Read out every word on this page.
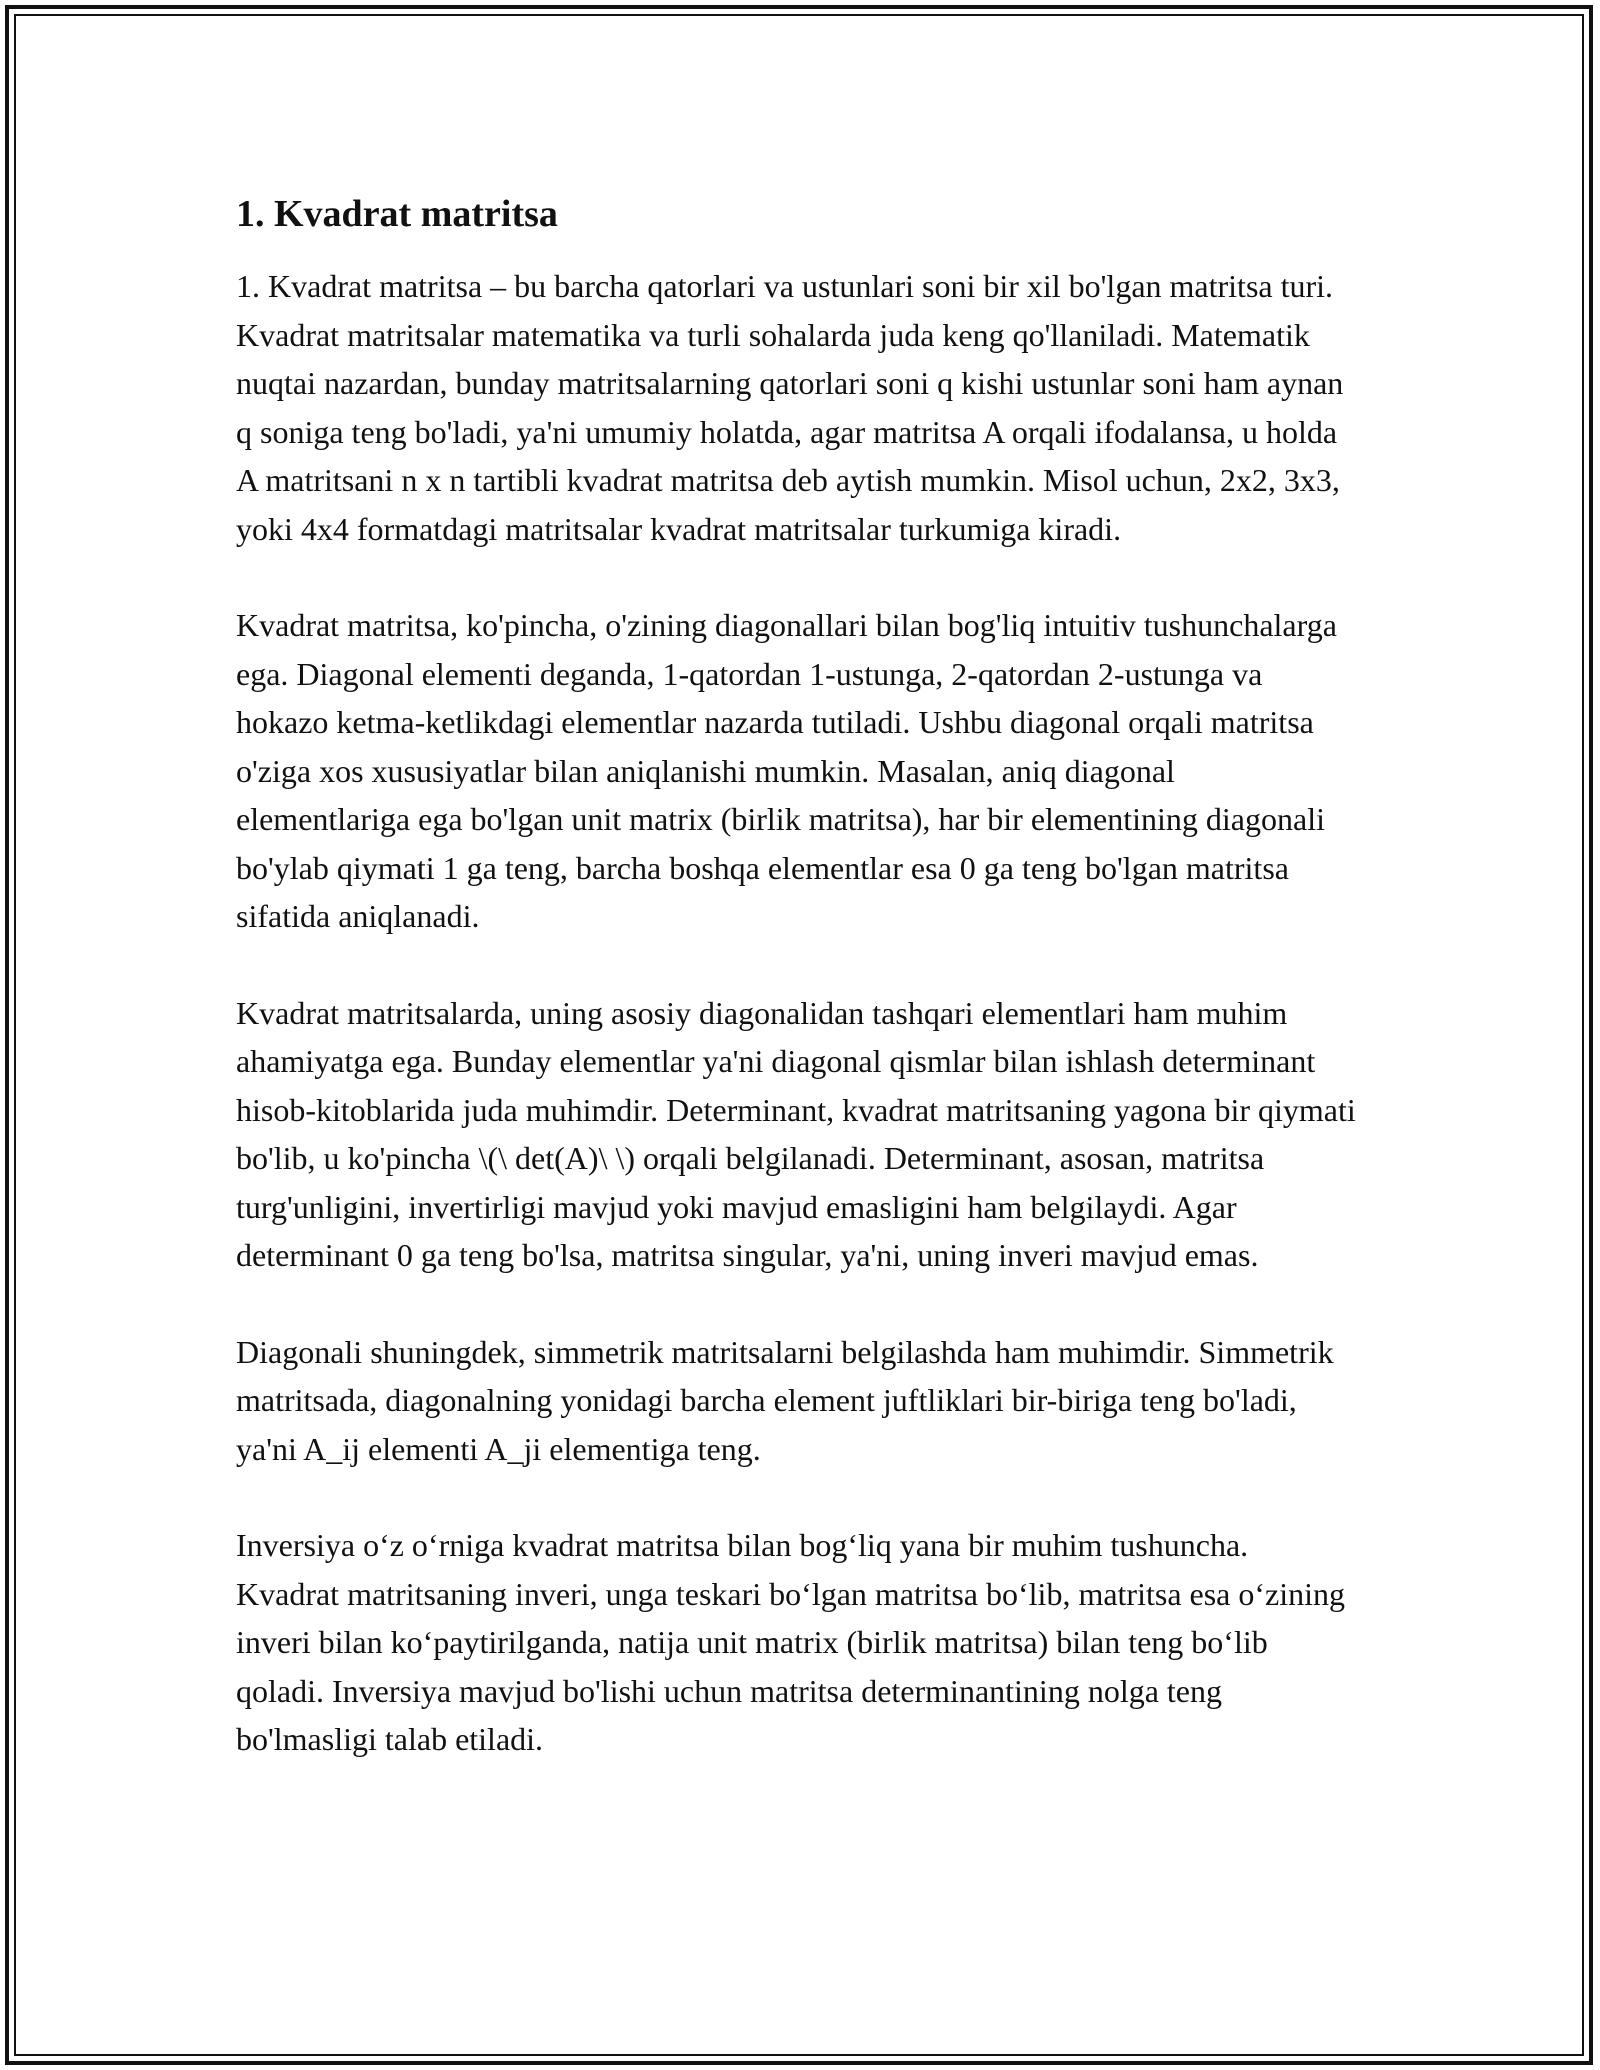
1. Kvadrat matritsa

1. Kvadrat matritsa – bu barcha qatorlari va ustunlari soni bir xil bo'lgan matritsa turi. Kvadrat matritsalar matematika va turli sohalarda juda keng qo'llaniladi. Matematik nuqtai nazardan, bunday matritsalarning qatorlari soni q kishi ustunlar soni ham aynan q soniga teng bo'ladi, ya'ni umumiy holatda, agar matritsa A orqali ifodalansa, u holda A matritsani n x n tartibli kvadrat matritsa deb aytish mumkin. Misol uchun, 2x2, 3x3, yoki 4x4 formatdagi matritsalar kvadrat matritsalar turkumiga kiradi.

Kvadrat matritsa, ko'pincha, o'zining diagonallari bilan bog'liq intuitiv tushunchalarga ega. Diagonal elementi deganda, 1-qatordan 1-ustunga, 2-qatordan 2-ustunga va hokazo ketma-ketlikdagi elementlar nazarda tutiladi. Ushbu diagonal orqali matritsa o'ziga xos xususiyatlar bilan aniqlanishi mumkin. Masalan, aniq diagonal elementlariga ega bo'lgan unit matrix (birlik matritsa), har bir elementining diagonali bo'ylab qiymati 1 ga teng, barcha boshqa elementlar esa 0 ga teng bo'lgan matritsa sifatida aniqlanadi.

Kvadrat matritsalarda, uning asosiy diagonalidan tashqari elementlari ham muhim ahamiyatga ega. Bunday elementlar ya'ni diagonal qismlar bilan ishlash determinant hisob-kitoblarida juda muhimdir. Determinant, kvadrat matritsaning yagona bir qiymati bo'lib, u ko'pincha \(\ det(A)\ \) orqali belgilanadi. Determinant, asosan, matritsa turg'unligini, invertirligi mavjud yoki mavjud emasligini ham belgilaydi. Agar determinant 0 ga teng bo'lsa, matritsa singular, ya'ni, uning inveri mavjud emas.

Diagonali shuningdek, simmetrik matritsalarni belgilashda ham muhimdir. Simmetrik matritsada, diagonalning yonidagi barcha element juftliklari bir-biriga teng bo'ladi, ya'ni A_ij elementi A_ji elementiga teng.

Inversiya o‘z o‘rniga kvadrat matritsa bilan bog‘liq yana bir muhim tushuncha. Kvadrat matritsaning inveri, unga teskari bo‘lgan matritsa bo‘lib, matritsa esa o‘zining inveri bilan ko‘paytirilganda, natija unit matrix (birlik matritsa) bilan teng bo‘lib qoladi. Inversiya mavjud bo'lishi uchun matritsa determinantining nolga teng bo'lmasligi talab etiladi.
